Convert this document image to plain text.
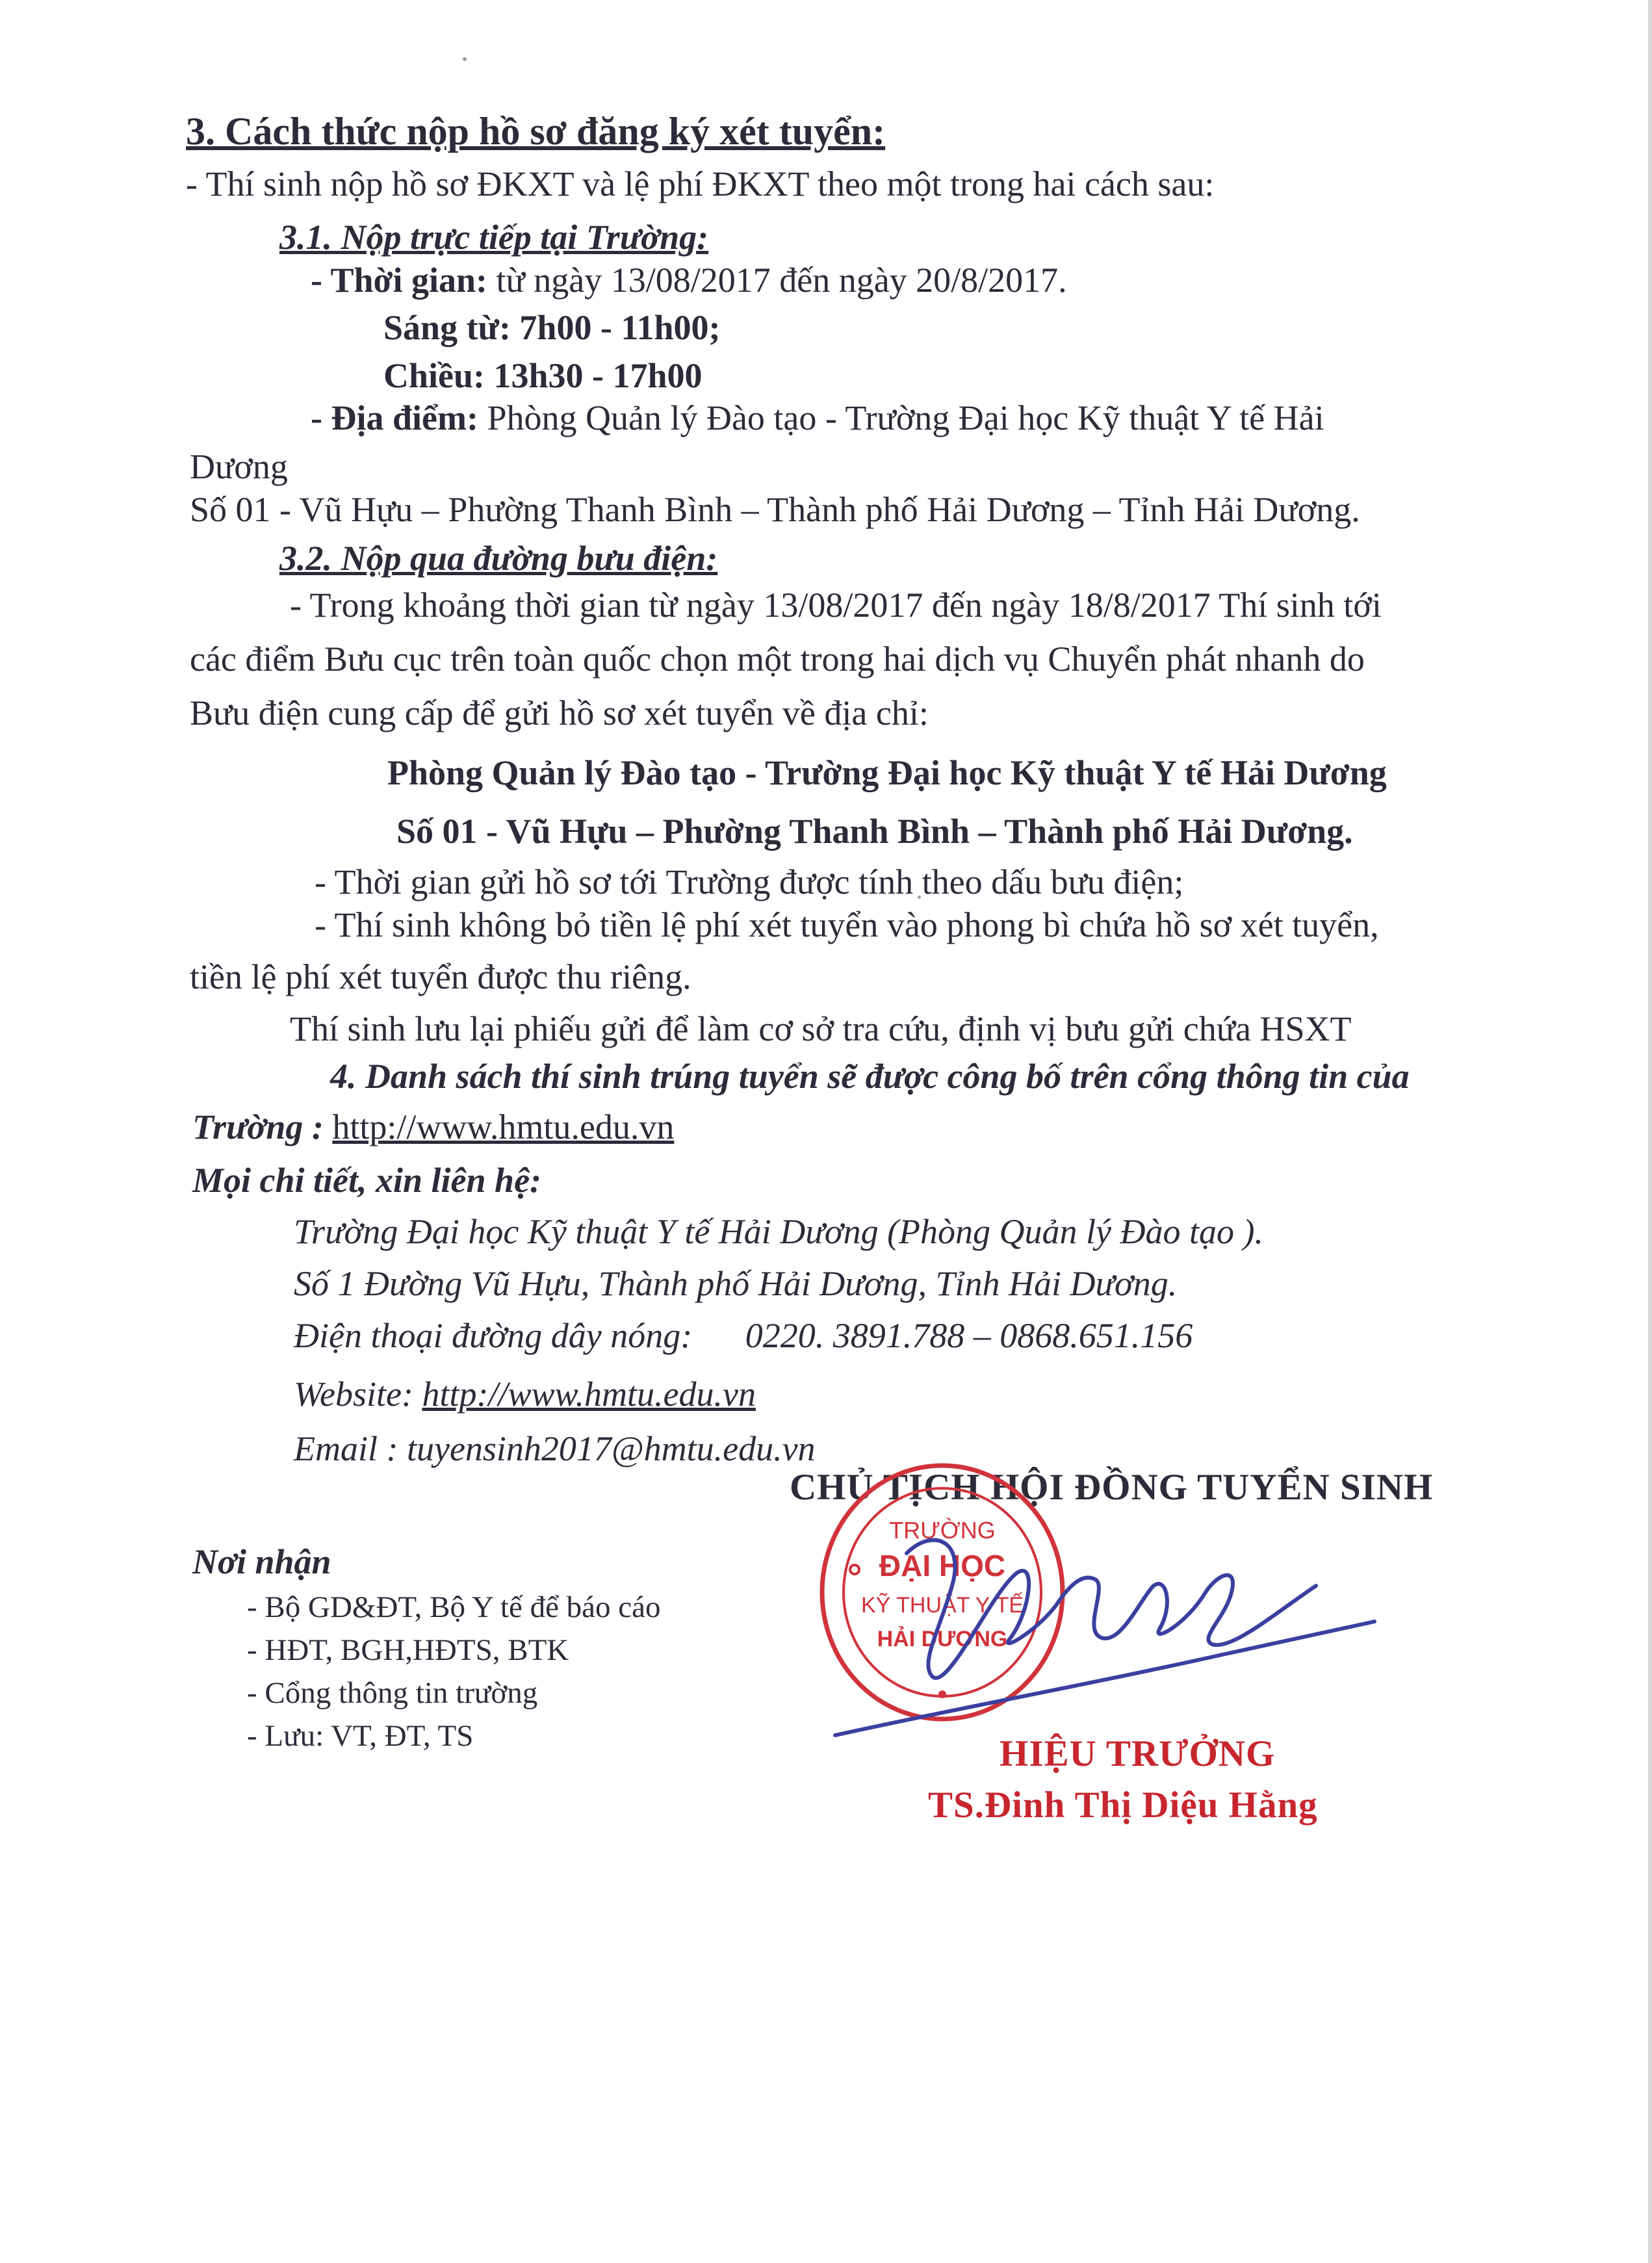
3. Cách thức nộp hồ sơ đăng ký xét tuyển:
- Thí sinh nộp hồ sơ ĐKXT và lệ phí ĐKXT theo một trong hai cách sau:
3.1. Nộp trực tiếp tại Trường:
- Thời gian: từ ngày 13/08/2017 đến ngày 20/8/2017.
Sáng từ: 7h00 - 11h00;
Chiều: 13h30 - 17h00
- Địa điểm: Phòng Quản lý Đào tạo - Trường Đại học Kỹ thuật Y tế Hải
Dương
Số 01 - Vũ Hựu – Phường Thanh Bình – Thành phố Hải Dương – Tỉnh Hải Dương.
3.2. Nộp qua đường bưu điện:
- Trong khoảng thời gian từ ngày 13/08/2017 đến ngày 18/8/2017 Thí sinh tới
các điểm Bưu cục trên toàn quốc chọn một trong hai dịch vụ Chuyển phát nhanh do
Bưu điện cung cấp để gửi hồ sơ xét tuyển về địa chỉ:
Phòng Quản lý Đào tạo - Trường Đại học Kỹ thuật Y tế Hải Dương
Số 01 - Vũ Hựu – Phường Thanh Bình – Thành phố Hải Dương.
- Thời gian gửi hồ sơ tới Trường được tính theo dấu bưu điện;
- Thí sinh không bỏ tiền lệ phí xét tuyển vào phong bì chứa hồ sơ xét tuyển,
tiền lệ phí xét tuyển được thu riêng.
Thí sinh lưu lại phiếu gửi để làm cơ sở tra cứu, định vị bưu gửi chứa HSXT
4. Danh sách thí sinh trúng tuyển sẽ được công bố trên cổng thông tin của
Trường : http://www.hmtu.edu.vn
Mọi chi tiết, xin liên hệ:
Trường Đại học Kỹ thuật Y tế Hải Dương (Phòng Quản lý Đào tạo ).
Số 1 Đường Vũ Hựu, Thành phố Hải Dương, Tỉnh Hải Dương.
Điện thoại đường dây nóng: 0220. 3891.788 – 0868.651.156
Website: http://www.hmtu.edu.vn
Email : tuyensinh2017@hmtu.edu.vn
CHỦ TỊCH HỘI ĐỒNG TUYỂN SINH
TRƯỜNG
ĐẠI HỌC
KỸ THUẬT Y TẾ
HẢI DƯƠNG
HIỆU TRƯỞNG
TS.Đinh Thị Diệu Hằng
Nơi nhận
- Bộ GD&ĐT, Bộ Y tế để báo cáo
- HĐT, BGH,HĐTS, BTK
- Cổng thông tin trường
- Lưu: VT, ĐT, TS
